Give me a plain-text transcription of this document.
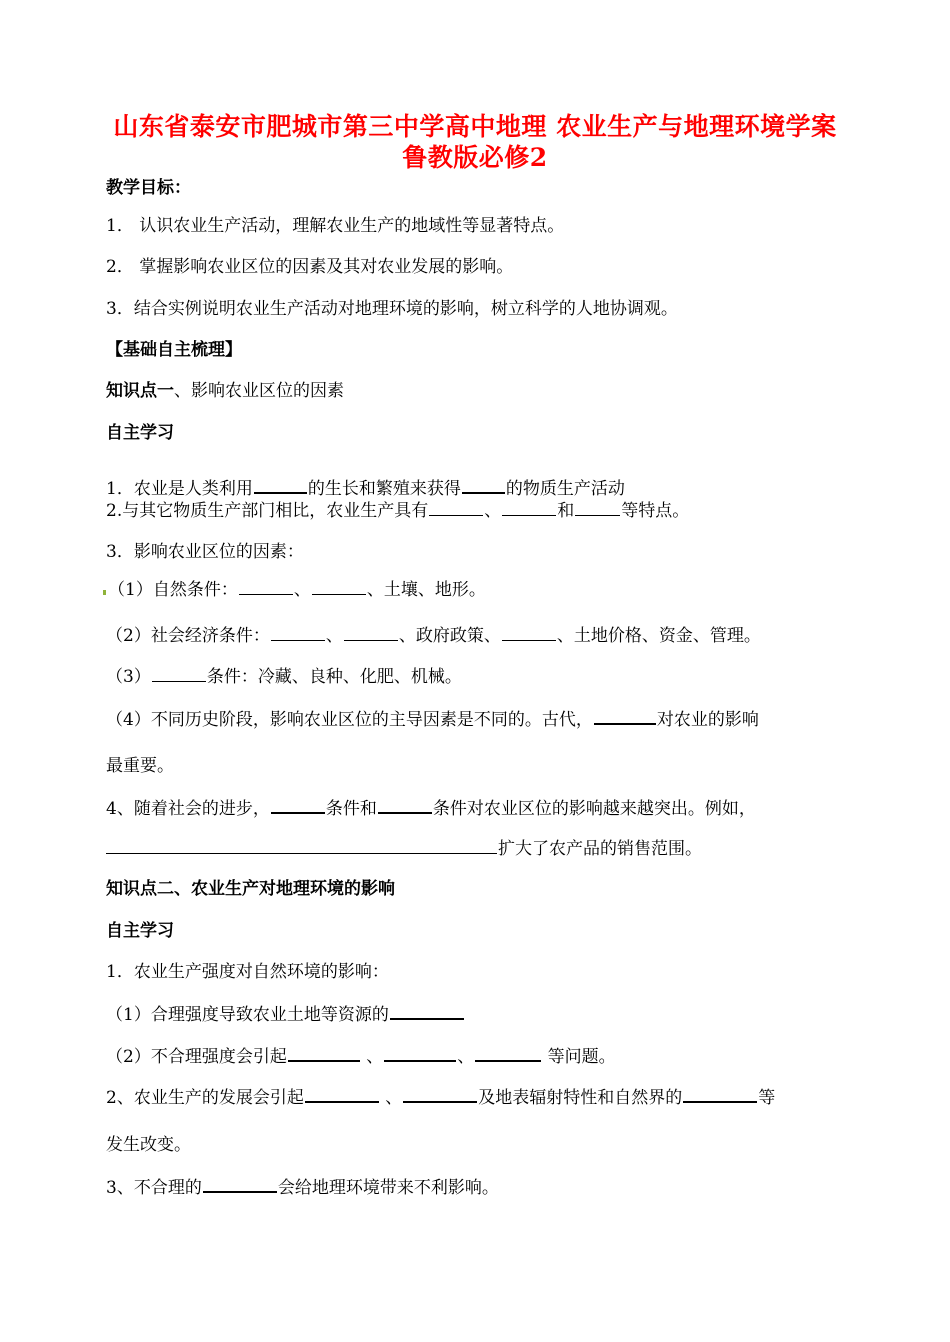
山东省泰安市肥城市第三中学高中地理 农业生产与地理环境学案
鲁教版必修2
教学目标：
1． 认识农业生产活动，理解农业生产的地域性等显著特点。
2． 掌握影响农业区位的因素及其对农业发展的影响。
3．结合实例说明农业生产活动对地理环境的影响，树立科学的人地协调观。
【基础自主梳理】
知识点一、影响农业区位的因素
自主学习
1．农业是人类利用	的生长和繁殖来获得	的物质生产活动
2.与其它物质生产部门相比，农业生产具有	、	和	等特点。
3．影响农业区位的因素：
（1）自然条件：	、	、土壤、地形。
（2）社会经济条件：	、	、政府政策、	、土地价格、资金、管理。
（3）	条件：冷藏、良种、化肥、机械。
（4）不同历史阶段，影响农业区位的主导因素是不同的。古代，	对农业的影响
最重要。
4、随着社会的进步，	条件和	条件对农业区位的影响越来越突出。例如，
扩大了农产品的销售范围。
知识点二、农业生产对地理环境的影响
自主学习
1．农业生产强度对自然环境的影响：
（1）合理强度导致农业土地等资源的
（2）不合理强度会引起	、	、	等问题。
2、农业生产的发展会引起	、	及地表辐射特性和自然界的	等
发生改变。
3、不合理的	会给地理环境带来不利影响。
